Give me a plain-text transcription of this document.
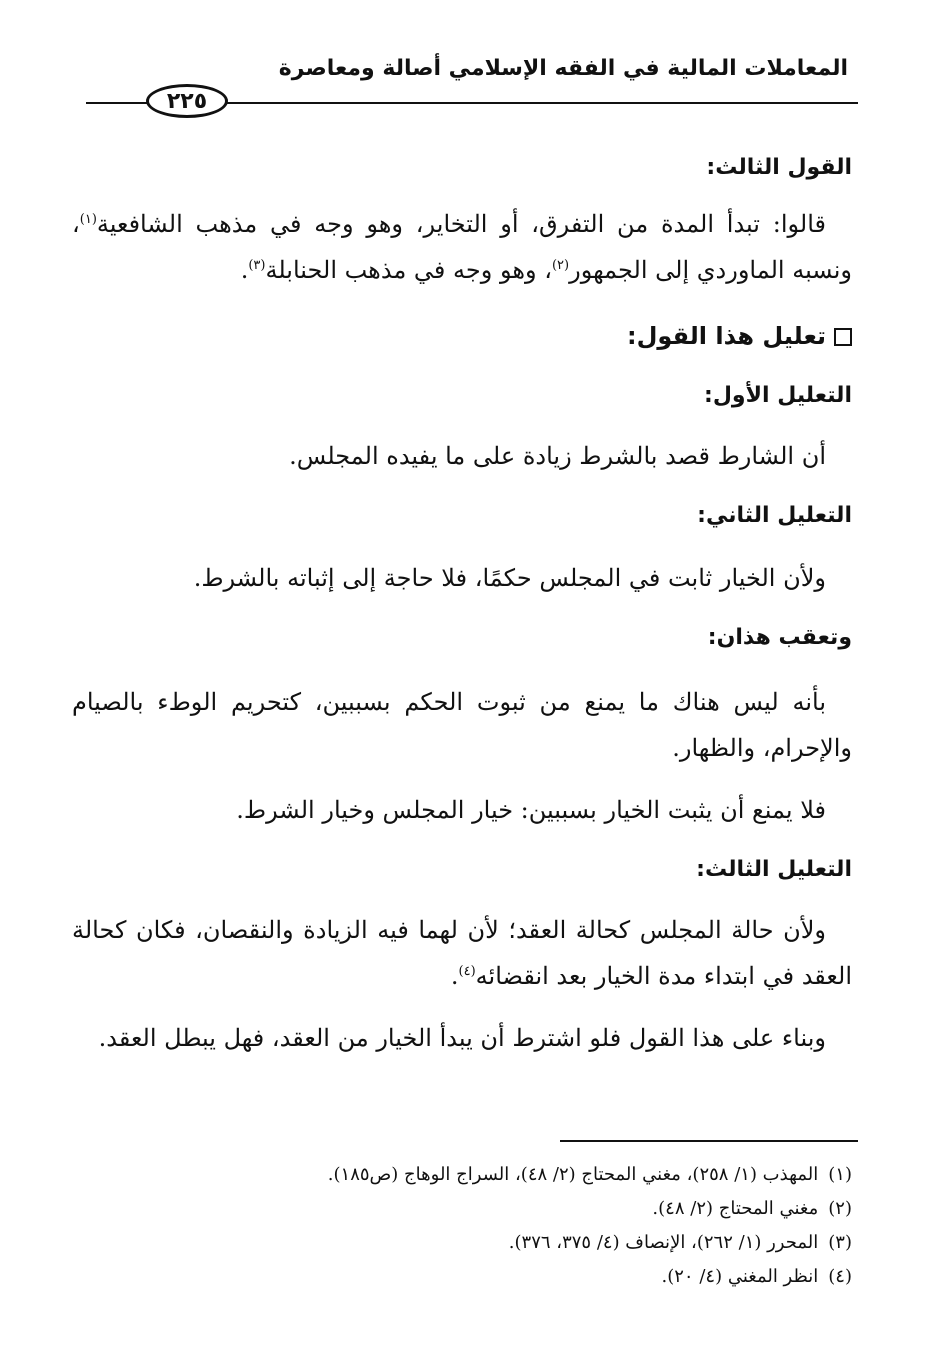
المعاملات المالية في الفقه الإسلامي أصالة ومعاصرة
٢٢٥

القول الثالث:

قالوا: تبدأ المدة من التفرق، أو التخاير، وهو وجه في مذهب الشافعية$^{(١)}$، ونسبه الماوردي إلى الجمهور$^{(٢)}$، وهو وجه في مذهب الحنابلة$^{(٣)}$.

تعليل هذا القول:

التعليل الأول:

أن الشارط قصد بالشرط زيادة على ما يفيده المجلس.

التعليل الثاني:

ولأن الخيار ثابت في المجلس حكمًا، فلا حاجة إلى إثباته بالشرط.

وتعقب هذان:

بأنه ليس هناك ما يمنع من ثبوت الحكم بسببين، كتحريم الوطء بالصيام والإحرام، والظهار.

فلا يمنع أن يثبت الخيار بسببين: خيار المجلس وخيار الشرط.

التعليل الثالث:

ولأن حالة المجلس كحالة العقد؛ لأن لهما فيه الزيادة والنقصان، فكان كحالة العقد في ابتداء مدة الخيار بعد انقضائه$^{(٤)}$.

وبناء على هذا القول فلو اشترط أن يبدأ الخيار من العقد، فهل يبطل العقد.

(١)المهذب (١/ ٢٥٨)، مغني المحتاج (٢/ ٤٨)، السراج الوهاج (ص١٨٥).

(٢)مغني المحتاج (٢/ ٤٨).

(٣)المحرر (١/ ٢٦٢)، الإنصاف (٤/ ٣٧٥، ٣٧٦).

(٤)انظر المغني (٤/ ٢٠).
